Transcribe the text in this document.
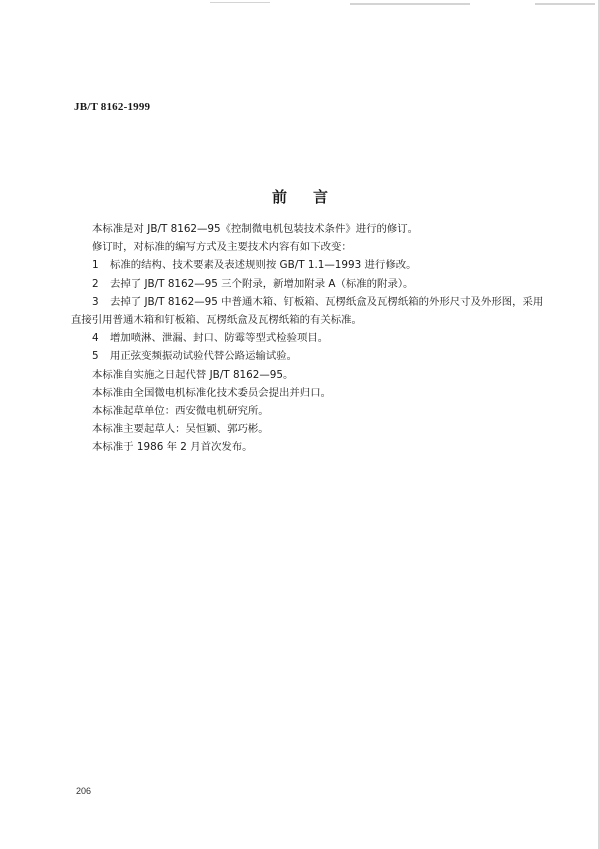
JB/T 8162-1999
前言

本标准是对 JB/T 8162—95《控制微电机包装技术条件》进行的修订。

修订时，对标准的编写方式及主要技术内容有如下改变：

1 标准的结构、技术要素及表述规则按 GB/T 1.1—1993 进行修改。

2 去掉了 JB/T 8162—95 三个附录，新增加附录 A（标准的附录）。

3 去掉了 JB/T 8162—95 中普通木箱、钉板箱、瓦楞纸盒及瓦楞纸箱的外形尺寸及外形图，采用

直接引用普通木箱和钉板箱、瓦楞纸盒及瓦楞纸箱的有关标准。

4 增加喷淋、泄漏、封口、防霉等型式检验项目。

5 用正弦变频振动试验代替公路运输试验。

本标准自实施之日起代替 JB/T 8162—95。

本标准由全国微电机标准化技术委员会提出并归口。

本标准起草单位：西安微电机研究所。

本标准主要起草人：吴恒颖、郭巧彬。

本标准于 1986 年 2 月首次发布。

206
